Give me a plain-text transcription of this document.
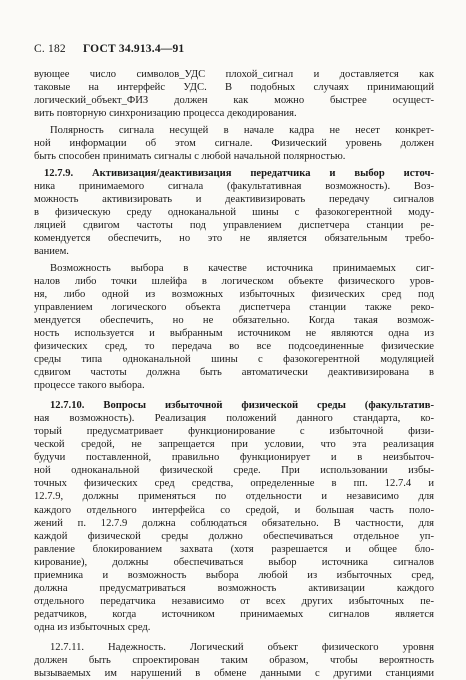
С. 182 ГОСТ 34.913.4—91
вующее число символов_УДС плохой_сигнал и доставляется как
таковые на интерфейс УДС. В подобных случаях принимающий
логический_объект_ФИЗ должен как можно быстрее осущест-
вить повторную синхронизацию процесса декодирования.
Полярность сигнала несущей в начале кадра не несет конкрет-
ной информации об этом сигнале. Физический уровень должен
быть способен принимать сигналы с любой начальной полярностью.
12.7.9. Активизация/деактивизация передатчика и выбор источ-
ника принимаемого сигнала (факультативная возможность). Воз-
можность активизировать и деактивизировать передачу сигналов
в физическую среду одноканальной шины с фазокогерентной моду-
ляцией сдвигом частоты под управлением диспетчера станции ре-
комендуется обеспечить, но это не является обязательным требо-
ванием.
Возможность выбора в качестве источника принимаемых сиг-
налов либо точки шлейфа в логическом объекте физического уров-
ня, либо одной из возможных избыточных физических сред под
управлением логического объекта диспетчера станции также реко-
мендуется обеспечить, но не обязательно. Когда такая возмож-
ность используется и выбранным источником не являются одна из
физических сред, то передача во все подсоединенные физические
среды типа одноканальной шины с фазокогерентной модуляцией
сдвигом частоты должна быть автоматически деактивизирована в
процессе такого выбора.
12.7.10. Вопросы избыточной физической среды (факультатив-
ная возможность). Реализация положений данного стандарта, ко-
торый предусматривает функционирование с избыточной физи-
ческой средой, не запрещается при условии, что эта реализация
будучи поставленной, правильно функционирует и в неизбыточ-
ной одноканальной физической среде. При использовании избы-
точных физических сред средства, определенные в пп. 12.7.4 и
12.7.9, должны применяться по отдельности и независимо для
каждого отдельного интерфейса со средой, и большая часть поло-
жений п. 12.7.9 должна соблюдаться обязательно. В частности, для
каждой физической среды должно обеспечиваться отдельное уп-
равление блокированием захвата (хотя разрешается и общее бло-
кирование), должны обеспечиваться выбор источника сигналов
приемника и возможность выбора любой из избыточных сред,
должна предусматриваться возможность активизации каждого
отдельного передатчика независимо от всех других избыточных пе-
редатчиков, когда источником принимаемых сигналов является
одна из избыточных сред.
12.7.11. Надежность. Логический объект физического уровня
должен быть спроектирован таким образом, чтобы вероятность
вызываемых им нарушений в обмене данными с другими станциями
